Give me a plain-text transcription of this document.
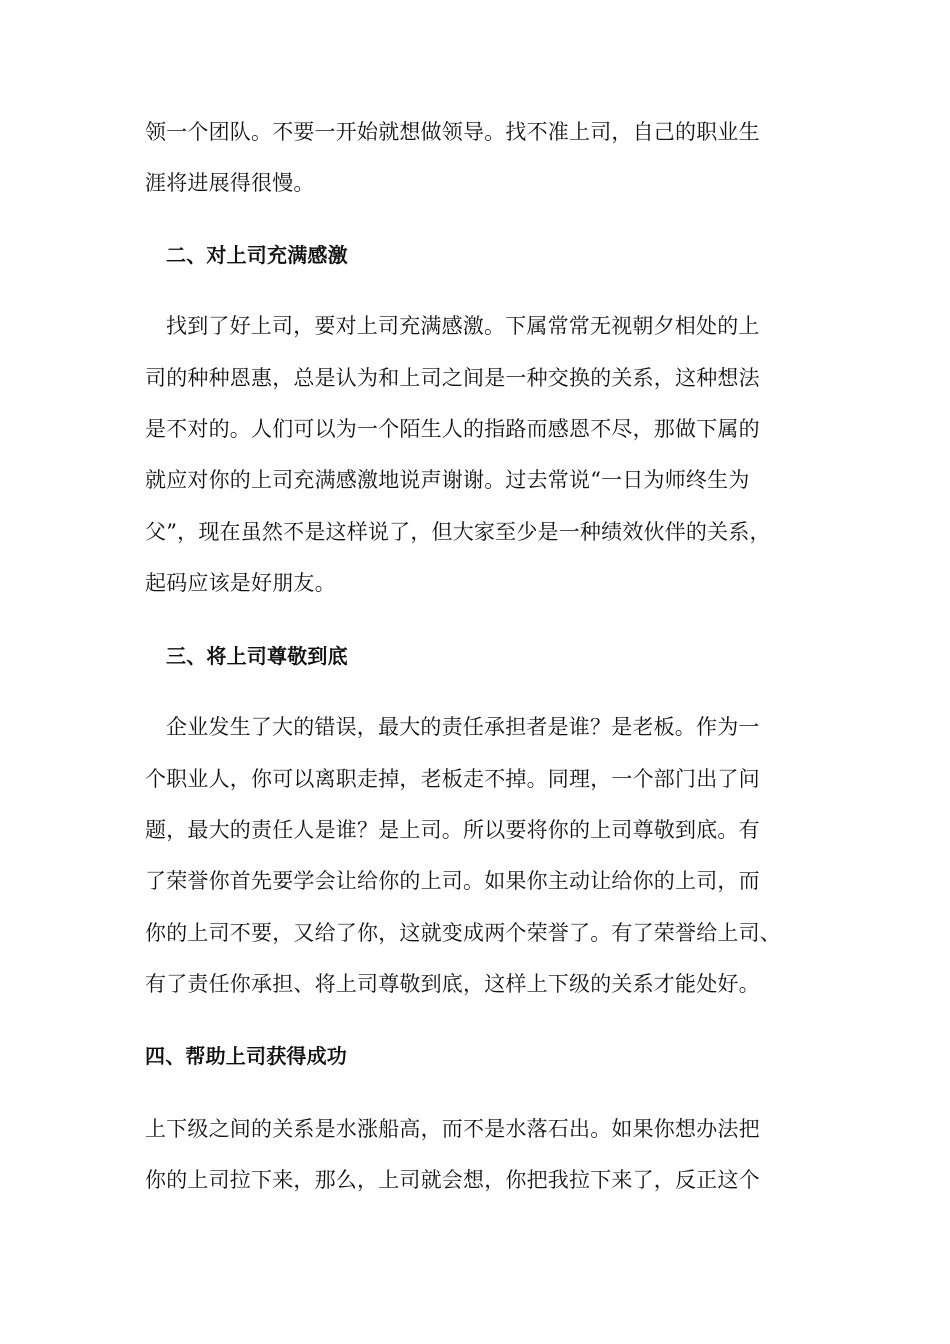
领一个团队。不要一开始就想做领导。找不准上司，自己的职业生
涯将进展得很慢。
二、对上司充满感激
找到了好上司，要对上司充满感激。下属常常无视朝夕相处的上
司的种种恩惠，总是认为和上司之间是一种交换的关系，这种想法
是不对的。人们可以为一个陌生人的指路而感恩不尽，那做下属的
就应对你的上司充满感激地说声谢谢。过去常说“一日为师终生为
父”，现在虽然不是这样说了，但大家至少是一种绩效伙伴的关系，
起码应该是好朋友。
三、将上司尊敬到底
企业发生了大的错误，最大的责任承担者是谁？是老板。作为一
个职业人，你可以离职走掉，老板走不掉。同理，一个部门出了问
题，最大的责任人是谁？是上司。所以要将你的上司尊敬到底。有
了荣誉你首先要学会让给你的上司。如果你主动让给你的上司，而
你的上司不要，又给了你，这就变成两个荣誉了。有了荣誉给上司、
有了责任你承担、将上司尊敬到底，这样上下级的关系才能处好。
四、帮助上司获得成功
上下级之间的关系是水涨船高，而不是水落石出。如果你想办法把
你的上司拉下来，那么，上司就会想，你把我拉下来了，反正这个
